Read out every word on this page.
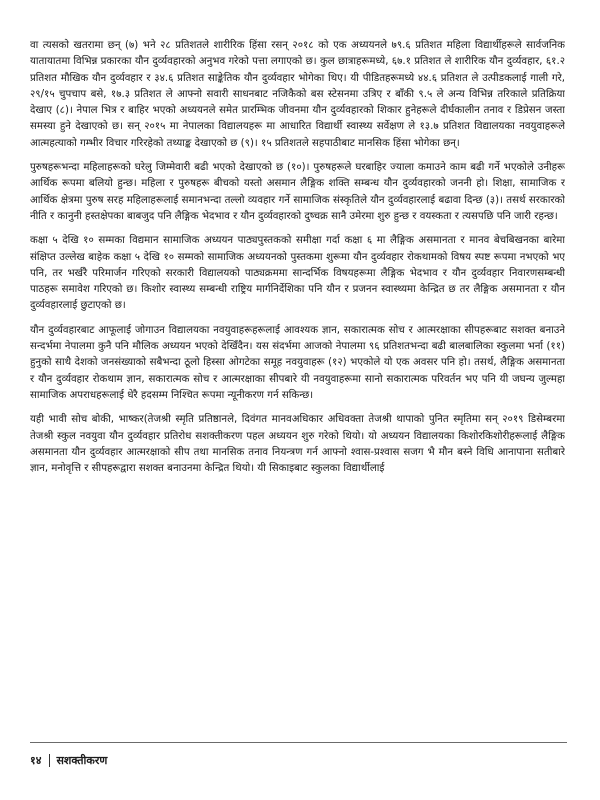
वा त्यसको खतरामा छन् (७) भने २८ प्रतिशतले शारीरिक हिंसा रसन् २०१८ को एक अध्ययनले ७९.६ प्रतिशत महिला विद्यार्थीहरूले सार्वजनिक यातायातमा विभिन्न प्रकारका यौन दुर्व्यवहारको अनुभव गरेको पत्ता लगाएको छ। कुल छात्राहरूमध्ये, ६७.१ प्रतिशत ले शारीरिक यौन दुर्व्यवहार, ६१.२ प्रतिशत मौखिक यौन दुर्व्यवहार र ३४.६ प्रतिशत साङ्केतिक यौन दुर्व्यवहार भोगेका थिए। यी पीडितहरूमध्ये ४४.६ प्रतिशत ले उत्पीडकलाई गाली गरे, २९/१५ चुपचाप बसे, १७.३ प्रतिशत ले आफ्नो सवारी साधनबाट नजिकैको बस स्टेसनमा उत्रिए र बाँकी ९.५ ले अन्य विभिन्न तरिकाले प्रतिक्रिया देखाए (८)। नेपाल भित्र र बाहिर भएको अध्ययनले समेत प्रारम्भिक जीवनमा यौन दुर्व्यवहारको शिकार हुनेहरूले दीर्घकालीन तनाव र डिप्रेसन जस्ता समस्या हुने देखाएको छ। सन् २०१५ मा नेपालका विद्यालयहरू मा आधारित विद्यार्थी स्वास्थ्य सर्वेक्षण ले १३.७ प्रतिशत विद्यालयका नवयुवाहरूले आत्महत्याको गम्भीर विचार गरिरहेको तथ्याङ्क देखाएको छ (९)। १५ प्रतिशतले सहपाठीबाट मानसिक हिंसा भोगेका छन्।

पुरुषहरूभन्दा महिलाहरूको घरेलु जिम्मेवारी बढी भएको देखाएको छ (१०)। पुरुषहरूले घरबाहिर ज्याला कमाउने काम बढी गर्ने भएकोले उनीहरू आर्थिक रूपमा बलियो हुन्छ। महिला र पुरुषहरू बीचको यस्तो असमान लैङ्गिक शक्ति सम्बन्ध यौन दुर्व्यवहारको जननी हो। शिक्षा, सामाजिक र आर्थिक क्षेत्रमा पुरुष सरह महिलाहरूलाई समानभन्दा तल्लो व्यवहार गर्ने सामाजिक संस्कृतिले यौन दुर्व्यवहारलाई बढावा दिन्छ (३)। तसर्थ सरकारको नीति र कानुनी हस्तक्षेपका बाबजुद पनि लैङ्गिक भेदभाव र यौन दुर्व्यवहारको दुष्चक्र सानै उमेरमा शुरु हुन्छ र वयस्कता र त्यसपछि पनि जारी रहन्छ।

कक्षा ५ देखि १० सम्मका विद्यमान सामाजिक अध्ययन पाठ्यपुस्तकको समीक्षा गर्दा कक्षा ६ मा लैङ्गिक असमानता र मानव बेचबिखनका बारेमा संक्षिप्त उल्लेख बाहेक कक्षा ५ देखि १० सम्मको सामाजिक अध्ययनको पुस्तकमा शुरूमा यौन दुर्व्यवहार रोकथामको विषय स्पष्ट रूपमा नभएको भए पनि, तर भर्खरै परिमार्जन गरिएको सरकारी विद्यालयको पाठ्यक्रममा सान्दर्भिक विषयहरूमा लैङ्गिक भेदभाव र यौन दुर्व्यवहार निवारणसम्बन्धी पाठहरू समावेश गरिएको छ। किशोर स्वास्थ्य सम्बन्धी राष्ट्रिय मार्गनिर्देशिका पनि यौन र प्रजनन स्वास्थ्यमा केन्द्रित छ तर लैङ्गिक असमानता र यौन दुर्व्यवहारलाई छुटाएको छ।

यौन दुर्व्यवहारबाट आफूलाई जोगाउन विद्यालयका नवयुवाहरूहरूलाई आवश्यक ज्ञान, सकारात्मक सोच र आत्मरक्षाका सीपहरूबाट सशक्त बनाउने सन्दर्भमा नेपालमा कुनै पनि मौलिक अध्ययन भएको देखिँदैन। यस संदर्भमा आजको नेपालमा ९६ प्रतिशतभन्दा बढी बालबालिका स्कुलमा भर्ना (११) हुनुको साथै देशको जनसंख्याको सबैभन्दा ठूलो हिस्सा ओगटेका समूह नवयुवाहरू (१२) भएकोले यो एक अवसर पनि हो। तसर्थ, लैङ्गिक असमानता र यौन दुर्व्यवहार रोकथाम ज्ञान, सकारात्मक सोच र आत्मरक्षाका सीपबारे यी नवयुवाहरूमा सानो सकारात्मक परिवर्तन भए पनि यी जघन्य जुल्महा सामाजिक अपराधहरूलाई धेरै हदसम्म निश्चित रूपमा न्यूनीकरण गर्न सकिन्छ।

यही भावी सोच बोकी, भाष्कर(तेजश्री स्मृति प्रतिष्ठानले, दिवंगत मानवअधिकार अधिवक्ता तेजश्री थापाको पुनित स्मृतिमा सन् २०१९ डिसेम्बरमा तेजश्री स्कुल नवयुवा यौन दुर्व्यवहार प्रतिरोध सशक्तीकरण पहल अध्ययन शुरु गरेको थियो। यो अध्ययन विद्यालयका किशोरकिशोरीहरूलाई लैङ्गिक असमानता यौन दुर्व्यवहार आत्मरक्षाको सीप तथा मानसिक तनाव नियन्त्रण गर्न आफ्नो श्वास-प्रश्वास सजग भै मौन बस्ने विधि आनापाना सतीबारे ज्ञान, मनोवृत्ति र सीपहरूद्वारा सशक्त बनाउनमा केन्द्रित थियो। यी सिकाइबाट स्कुलका विद्यार्थीलाई

१४ सशक्तीकरण
